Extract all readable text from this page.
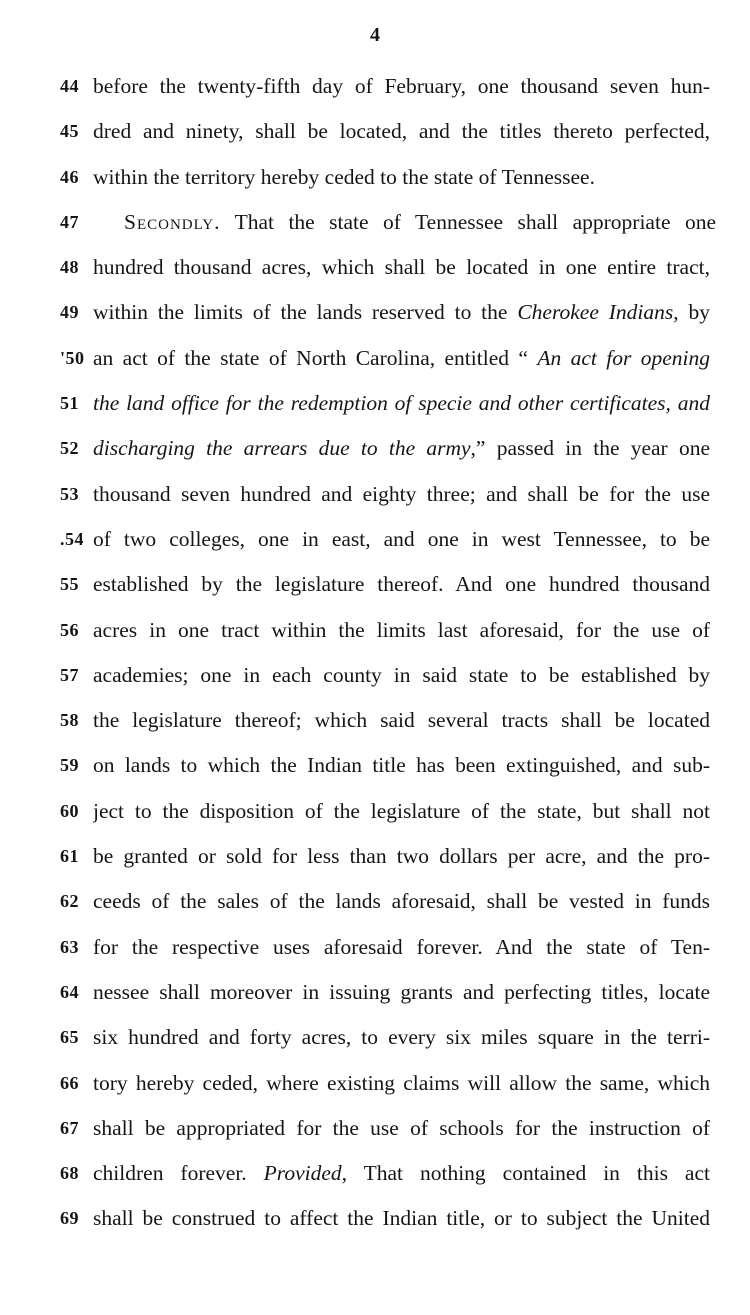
4
44 before the twenty-fifth day of February, one thousand seven hun-
45 dred and ninety, shall be located, and the titles thereto perfected,
46 within the territory hereby ceded to the state of Tennessee.
47	Secondly. That the state of Tennessee shall appropriate one
48 hundred thousand acres, which shall be located in one entire tract,
49 within the limits of the lands reserved to the Cherokee Indians, by
'50 an act of the state of North Carolina, entitled “ An act for opening
51 the land office for the redemption of specie and other certificates, and
52 discharging the arrears due to the army,” passed in the year one
53 thousand seven hundred and eighty three; and shall be for the use
.54 of two colleges, one in east, and one in west Tennessee, to be
55 established by the legislature thereof. And one hundred thousand
56 acres in one tract within the limits last aforesaid, for the use of
57 academies; one in each county in said state to be established by
58 the legislature thereof; which said several tracts shall be located
59 on lands to which the Indian title has been extinguished, and sub-
60 ject to the disposition of the legislature of the state, but shall not
61 be granted or sold for less than two dollars per acre, and the pro-
62 ceeds of the sales of the lands aforesaid, shall be vested in funds
63 for the respective uses aforesaid forever. And the state of Ten-
64 nessee shall moreover in issuing grants and perfecting titles, locate
65 six hundred and forty acres, to every six miles square in the terri-
66 tory hereby ceded, where existing claims will allow the same, which
67 shall be appropriated for the use of schools for the instruction of
68 children forever. Provided, That nothing contained in this act
69 shall be construed to affect the Indian title, or to subject the United
